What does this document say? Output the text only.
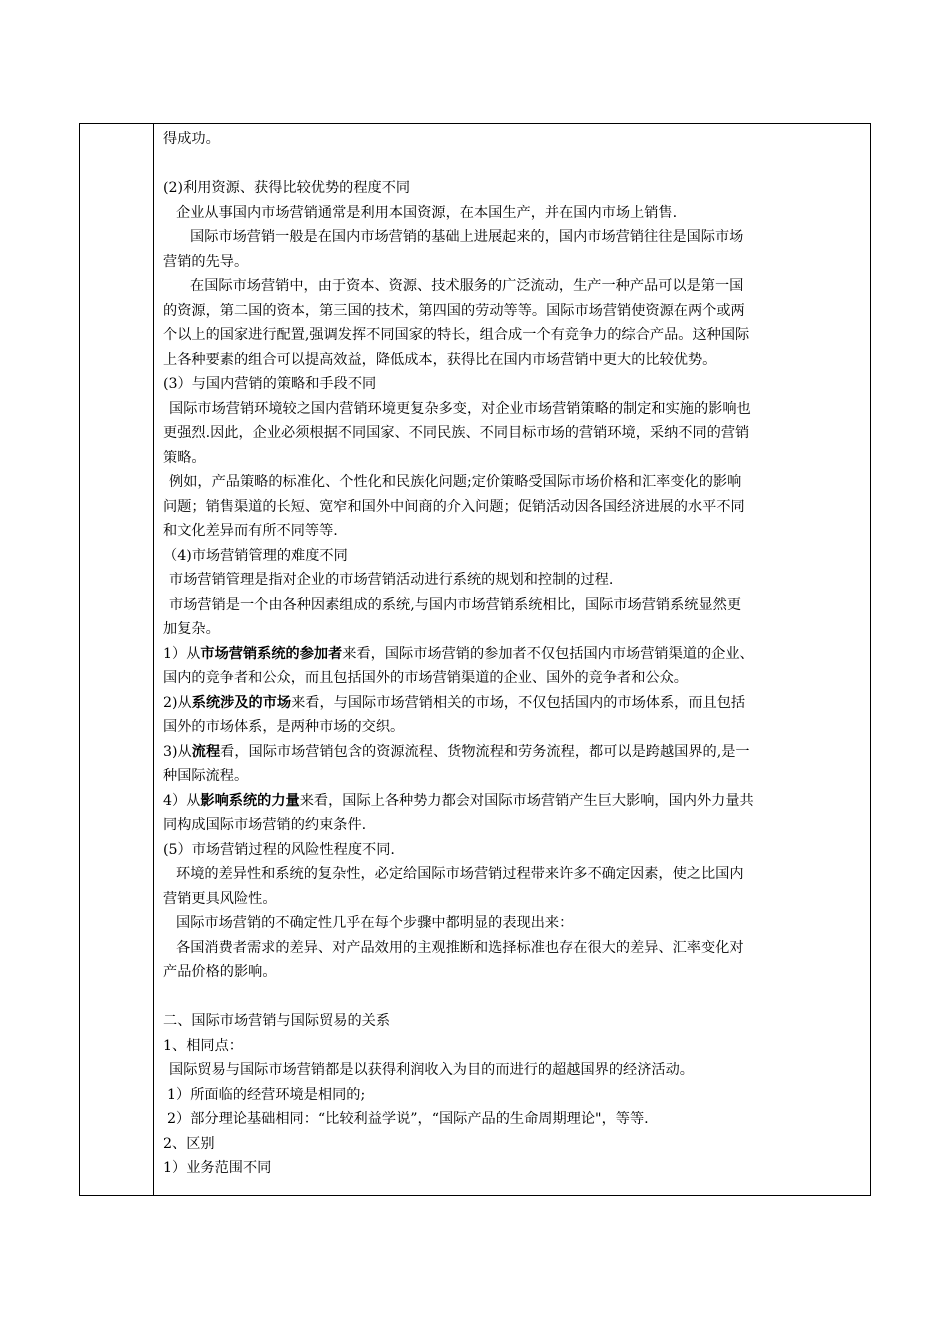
得成功。
(2)利用资源、获得比较优势的程度不同
企业从事国内市场营销通常是利用本国资源，在本国生产，并在国内市场上销售.
国际市场营销一般是在国内市场营销的基础上进展起来的，国内市场营销往往是国际市场
营销的先导。
在国际市场营销中，由于资本、资源、技术服务的广泛流动，生产一种产品可以是第一国
的资源，第二国的资本，第三国的技术，第四国的劳动等等。国际市场营销使资源在两个或两
个以上的国家进行配置,强调发挥不同国家的特长，组合成一个有竞争力的综合产品。这种国际
上各种要素的组合可以提高效益，降低成本，获得比在国内市场营销中更大的比较优势。
(3）与国内营销的策略和手段不同
国际市场营销环境较之国内营销环境更复杂多变，对企业市场营销策略的制定和实施的影响也
更强烈.因此，企业必须根据不同国家、不同民族、不同目标市场的营销环境，采纳不同的营销
策略。
例如，产品策略的标准化、个性化和民族化问题;定价策略受国际市场价格和汇率变化的影响
问题；销售渠道的长短、宽窄和国外中间商的介入问题；促销活动因各国经济进展的水平不同
和文化差异而有所不同等等.
（4)市场营销管理的难度不同
市场营销管理是指对企业的市场营销活动进行系统的规划和控制的过程.
市场营销是一个由各种因素组成的系统,与国内市场营销系统相比，国际市场营销系统显然更
加复杂。
1）从市场营销系统的参加者来看，国际市场营销的参加者不仅包括国内市场营销渠道的企业、
国内的竞争者和公众，而且包括国外的市场营销渠道的企业、国外的竞争者和公众。
2)从系统涉及的市场来看，与国际市场营销相关的市场，不仅包括国内的市场体系，而且包括
国外的市场体系，是两种市场的交织。
3)从流程看，国际市场营销包含的资源流程、货物流程和劳务流程，都可以是跨越国界的,是一
种国际流程。
4）从影响系统的力量来看，国际上各种势力都会对国际市场营销产生巨大影响，国内外力量共
同构成国际市场营销的约束条件.
(5）市场营销过程的风险性程度不同.
环境的差异性和系统的复杂性，必定给国际市场营销过程带来许多不确定因素，使之比国内
营销更具风险性。
国际市场营销的不确定性几乎在每个步骤中都明显的表现出来：
各国消费者需求的差异、对产品效用的主观推断和选择标准也存在很大的差异、汇率变化对
产品价格的影响。
二、国际市场营销与国际贸易的关系
1、相同点：
国际贸易与国际市场营销都是以获得利润收入为目的而进行的超越国界的经济活动。
1）所面临的经营环境是相同的;
2）部分理论基础相同：“比较利益学说”，“国际产品的生命周期理论"，等等.
2、区别
1）业务范围不同
